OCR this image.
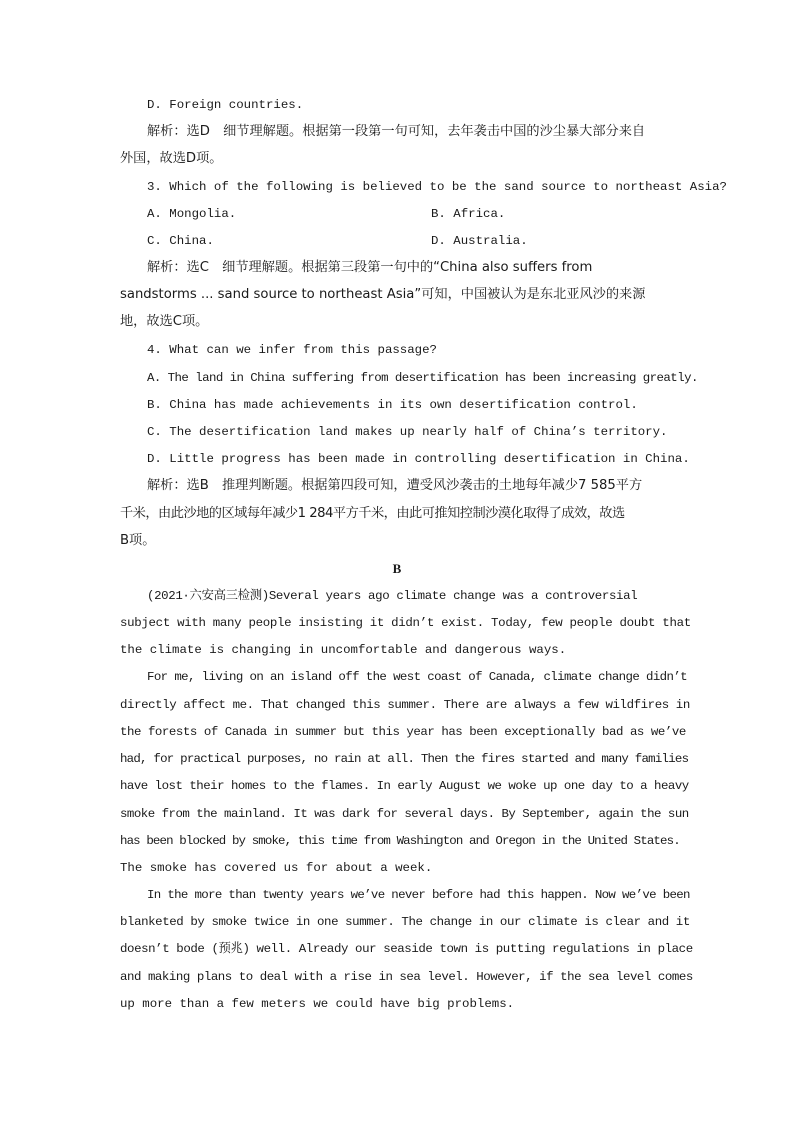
D. Foreign countries.
解析：选D　细节理解题。根据第一段第一句可知，去年袭击中国的沙尘暴大部分来自
外国，故选D项。
3. Which of the following is believed to be the sand source to northeast Asia?
A. Mongolia.	B. Africa.
C. China.	D. Australia.
解析：选C　细节理解题。根据第三段第一句中的“China also suffers from
sandstorms ... sand source to northeast Asia”可知，中国被认为是东北亚风沙的来源
地，故选C项。
4. What can we infer from this passage?
A. The land in China suffering from desertification has been increasing greatly.
B. China has made achievements in its own desertification control.
C. The desertification land makes up nearly half of China’s territory.
D. Little progress has been made in controlling desertification in China.
解析：选B　推理判断题。根据第四段可知，遭受风沙袭击的土地每年减少7 585平方
千米，由此沙地的区域每年减少1 284平方千米，由此可推知控制沙漠化取得了成效，故选
B项。
B
(2021·六安高三检测)Several years ago climate change was a controversial
subject with many people insisting it didn’t exist. Today, few people doubt that
the climate is changing in uncomfortable and dangerous ways.
For me, living on an island off the west coast of Canada, climate change didn’t
directly affect me. That changed this summer. There are always a few wildfires in
the forests of Canada in summer but this year has been exceptionally bad as we’ve
had, for practical purposes, no rain at all. Then the fires started and many families
have lost their homes to the flames. In early August we woke up one day to a heavy
smoke from the mainland. It was dark for several days. By September, again the sun
has been blocked by smoke, this time from Washington and Oregon in the United States.
The smoke has covered us for about a week.
In the more than twenty years we’ve never before had this happen. Now we’ve been
blanketed by smoke twice in one summer. The change in our climate is clear and it
doesn’t bode (预兆) well. Already our seaside town is putting regulations in place
and making plans to deal with a rise in sea level. However, if the sea level comes
up more than a few meters we could have big problems.
